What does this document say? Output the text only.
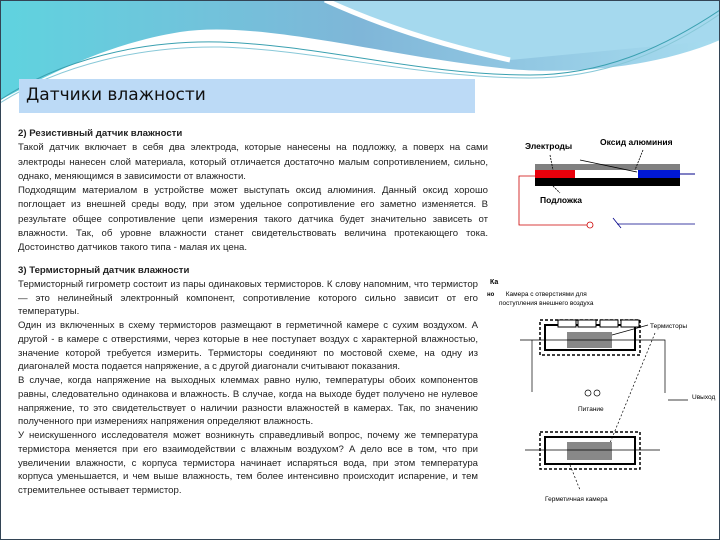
Датчики влажности

2) Резистивный датчик влажности

Такой датчик включает в себя два электрода, которые нанесены на подложку, а поверх на сами электроды нанесен слой материала, который отличается достаточно малым сопротивлением, сильно, однако, меняющимся в зависимости от влажности.

Подходящим материалом в устройстве может выступать оксид алюминия. Данный оксид хорошо поглощает из внешней среды воду, при этом удельное сопротивление его заметно изменяется. В результате общее сопротивление цепи измерения такого датчика будет значительно зависеть от влажности. Так, об уровне влажности станет свидетельствовать величина протекающего тока. Достоинство датчиков такого типа - малая их цена.

Электроды	Оксид алюминия
Подложка

3) Термисторный датчик влажности

Термисторный гигрометр состоит из пары одинаковых термисторов. К слову напомним, что термистор — это нелинейный электронный компонент, сопротивление которого сильно зависит от его температуры.

Один из включенных в схему термисторов размещают в герметичной камере с сухим воздухом. А другой - в камере с отверстиями, через которые в нее поступает воздух с характерной влажностью, значение которой требуется измерить. Термисторы соединяют по мостовой схеме, на одну из диагоналей моста подается напряжение, а с другой диагонали считывают показания.

В случае, когда напряжение на выходных клеммах равно нулю, температуры обоих компонентов равны, следовательно одинакова и влажность. В случае, когда на выходе будет получено не нулевое напряжение, то это свидетельствует о наличии разности влажностей в камерах. Так, по значению полученного при измерениях напряжения определяют влажность.

У неискушенного исследователя может возникнуть справедливый вопрос, почему же температура термистора меняется при его взаимодействии с влажным воздухом? А дело все в том, что при увеличении влажности, с корпуса термистора начинает испаряться вода, при этом температура корпуса уменьшается, и чем выше влажность, тем более интенсивно происходит испарение, и тем стремительнее остывает термистор.

Ка
но
Термисторы
Питание
Uвыход
Герметичная камера
Камера с отверстиями для
поступления внешнего воздуха
